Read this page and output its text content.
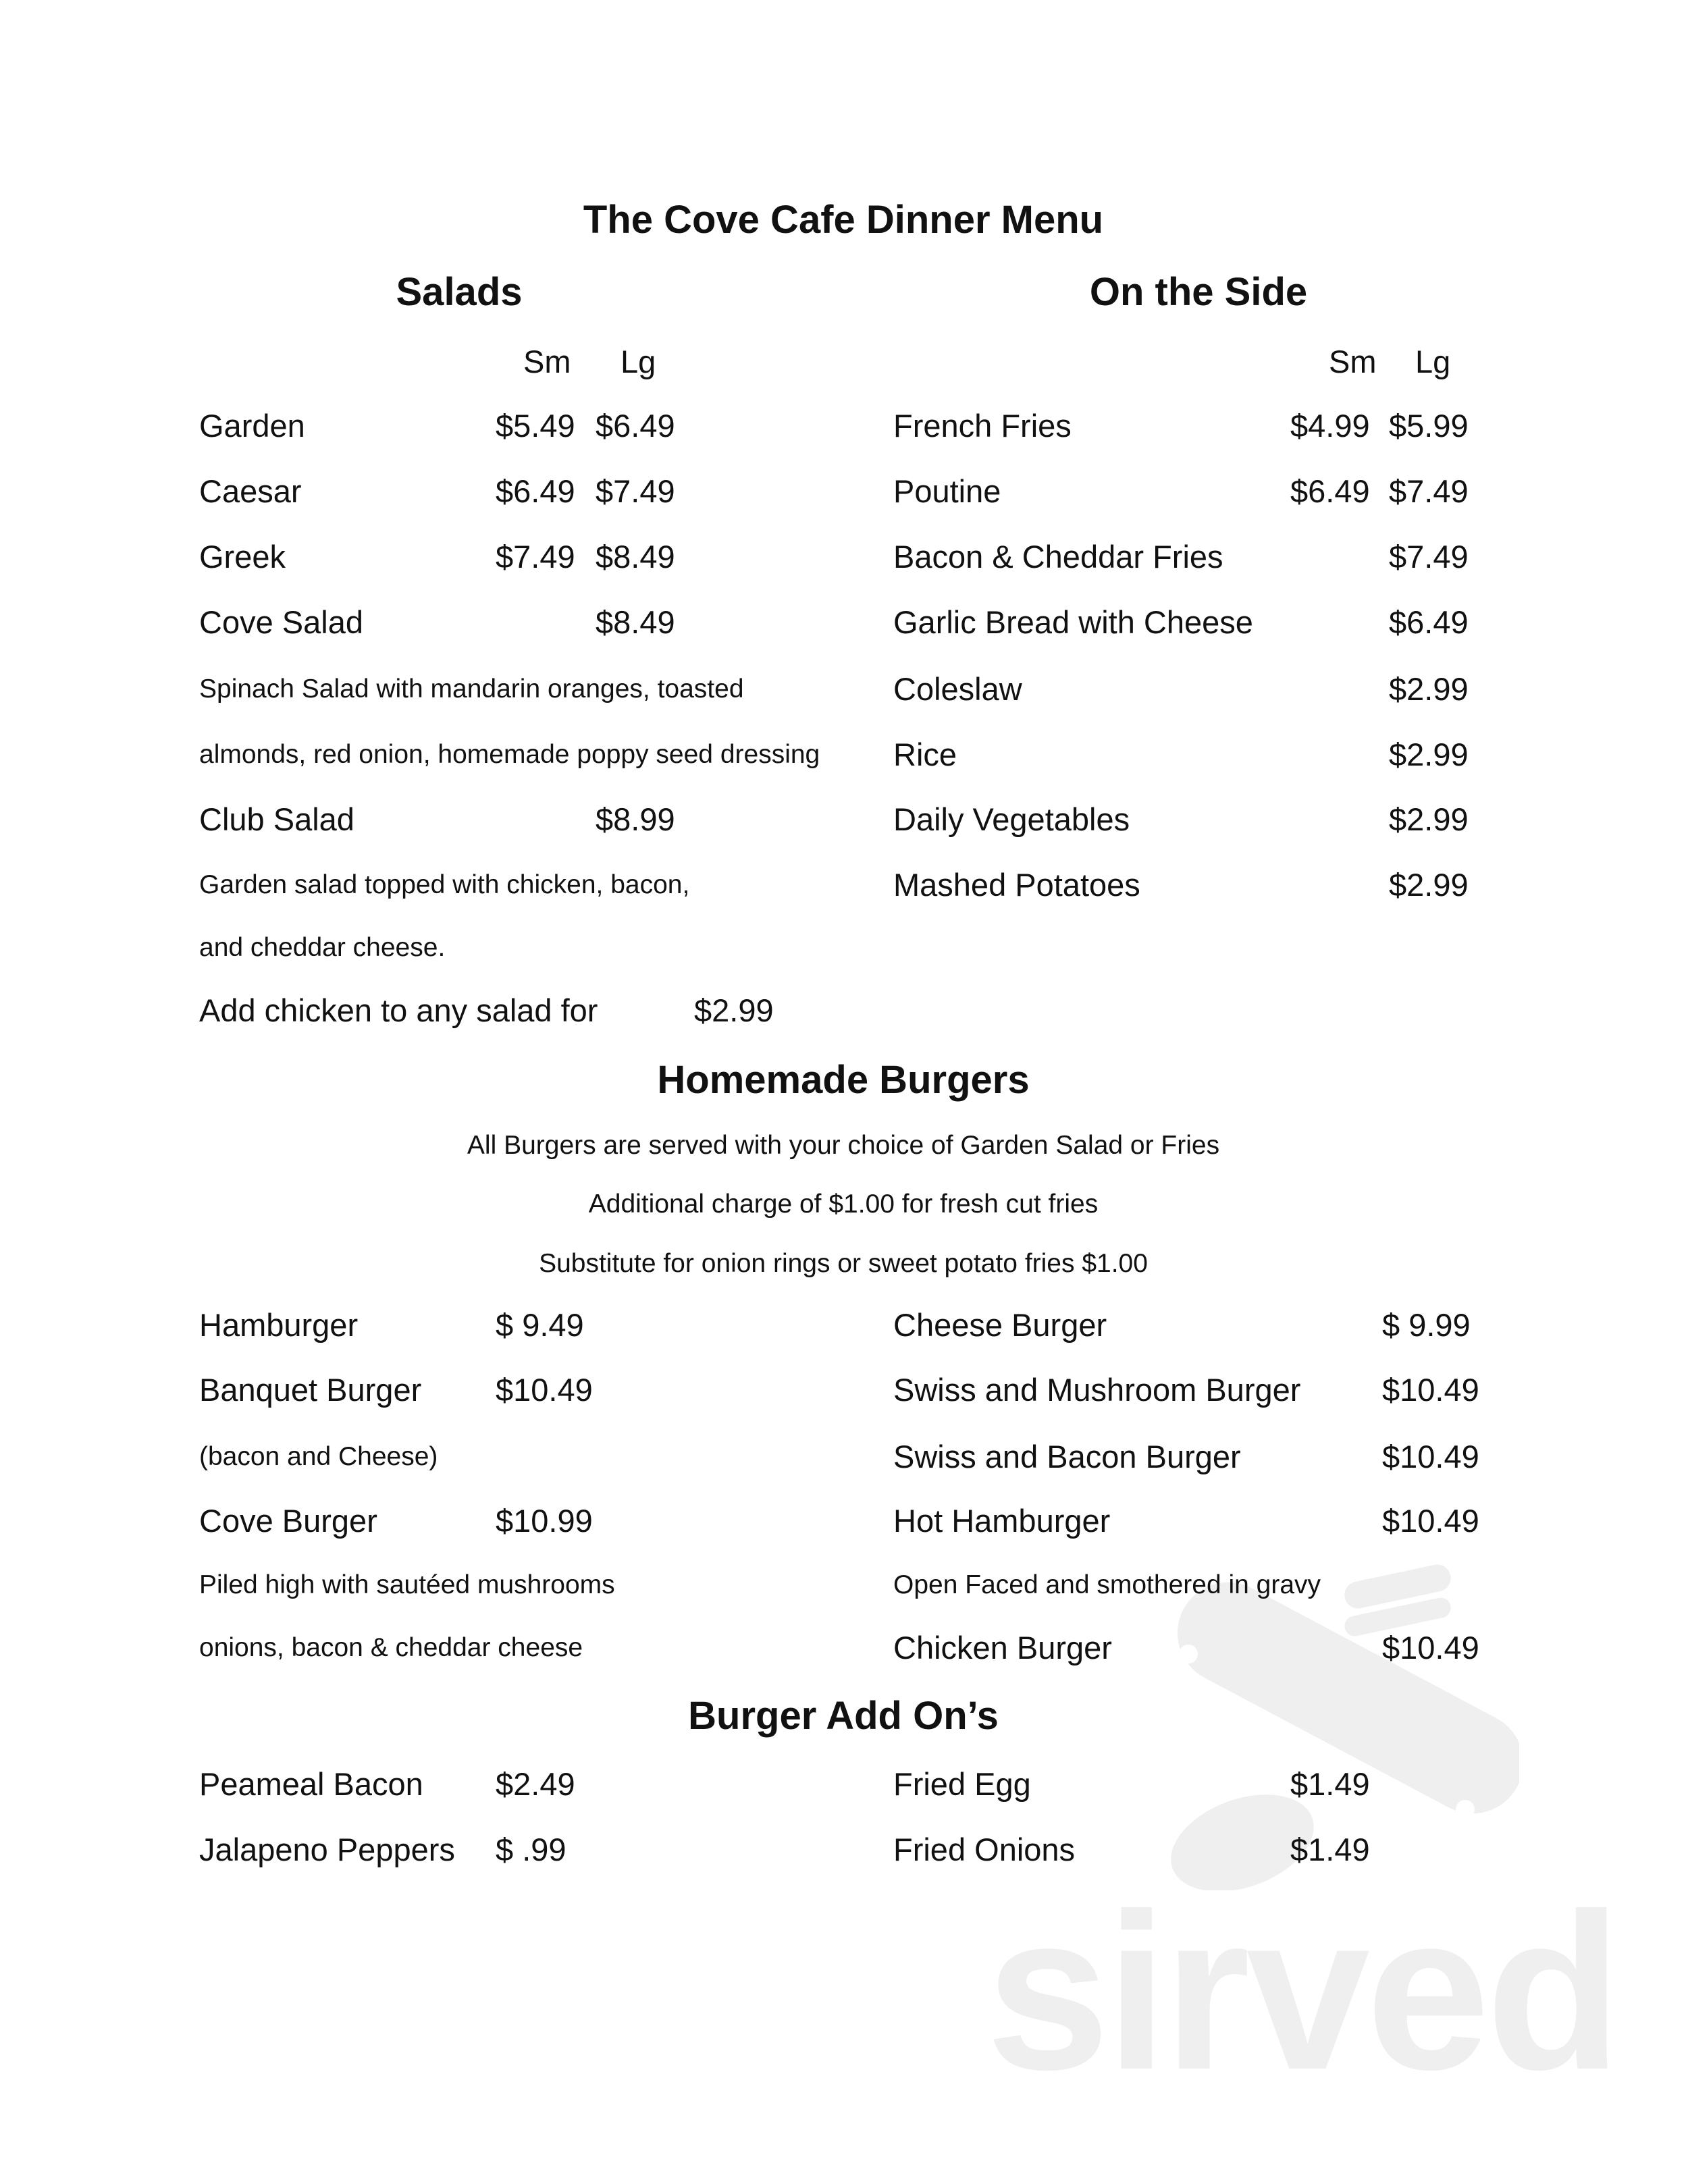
The Cove Cafe Dinner Menu
Salads	On the Side
Sm Lg	Sm Lg
Add chicken to any salad for	$2.99
Homemade Burgers
All Burgers are served with your choice of Garden Salad or Fries
Additional charge of $1.00 for fresh cut fries
Substitute for onion rings or sweet potato fries $1.00
Burger Add On’s
sirved
Garden	$5.49 $6.49
Caesar	$6.49 $7.49
Greek	$7.49 $8.49
Cove Salad	$8.49
Spinach Salad with mandarin oranges, toasted
almonds, red onion, homemade poppy seed dressing
Club Salad	$8.99
Garden salad topped with chicken, bacon,
and cheddar cheese.
French Fries	$4.99 $5.99
Poutine	$6.49 $7.49
Bacon & Cheddar Fries	$7.49
Garlic Bread with Cheese	$6.49
Coleslaw	$2.99
Rice	$2.99
Daily Vegetables	$2.99
Mashed Potatoes	$2.99
Hamburger	$ 9.49
Banquet Burger $10.49
(bacon and Cheese)
Cove Burger	$10.99
Piled high with sautéed mushrooms
onions, bacon & cheddar cheese
Cheese Burger	$ 9.99
Swiss and Mushroom Burger	$10.49
Swiss and Bacon Burger	$10.49
Hot Hamburger	$10.49
Open Faced and smothered in gravy
Chicken Burger	$10.49
Peameal Bacon $2.49
Jalapeno Peppers $ .99
Fried Egg	$1.49
Fried Onions	$1.49
